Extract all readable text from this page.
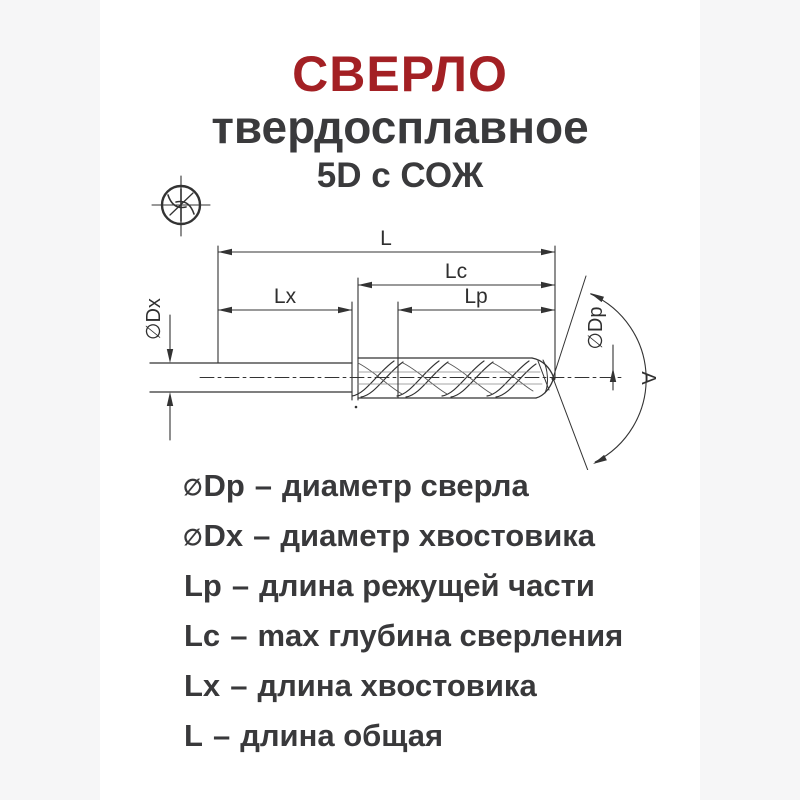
СВЕРЛО
твердосплавное
5D с СОЖ
L
Lc
Lx	Lp
∅Dx	∅Dp
A
∅Dp – диаметр сверла
∅Dx – диаметр хвостовика
Lp – длина режущей части
Lc – max глубина сверления
Lx – длина хвостовика
L – длина общая
